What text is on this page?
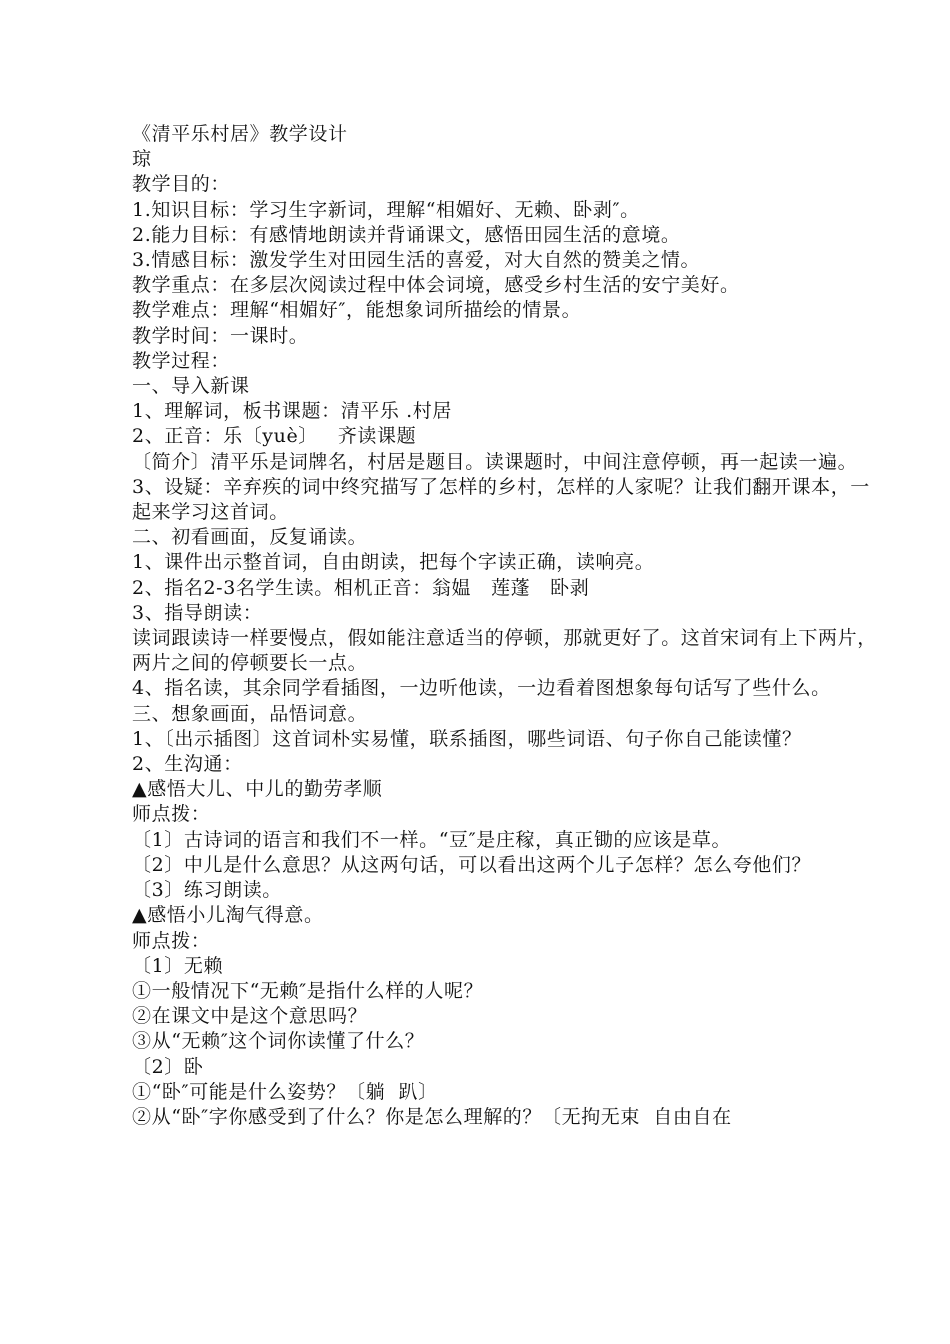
《清平乐村居》教学设计

琼

教学目的：

1.知识目标：学习生字新词，理解“相媚好、无赖、卧剥″。

2.能力目标：有感情地朗读并背诵课文，感悟田园生活的意境。

3.情感目标：激发学生对田园生活的喜爱，对大自然的赞美之情。

教学重点：在多层次阅读过程中体会词境，感受乡村生活的安宁美好。

教学难点：理解“相媚好″，能想象词所描绘的情景。

教学时间：一课时。

教学过程：

一、导入新课

1、理解词，板书课题：清平乐 .村居

2、正音：乐〔yuè〕   齐读课题

〔简介〕清平乐是词牌名，村居是题目。读课题时，中间注意停顿，再一起读一遍。

3、设疑：辛弃疾的词中终究描写了怎样的乡村，怎样的人家呢？让我们翻开课本，一起来学习这首词。

二、初看画面，反复诵读。

1、课件出示整首词，自由朗读，把每个字读正确，读响亮。

2、指名2-3名学生读。相机正音：翁媪   莲蓬   卧剥

3、指导朗读：

读词跟读诗一样要慢点，假如能注意适当的停顿，那就更好了。这首宋词有上下两片，两片之间的停顿要长一点。

4、指名读，其余同学看插图，一边听他读，一边看着图想象每句话写了些什么。

三、想象画面，品悟词意。

1、〔出示插图〕这首词朴实易懂，联系插图，哪些词语、句子你自己能读懂？

2、生沟通：

▲感悟大儿、中儿的勤劳孝顺

师点拨：

〔1〕古诗词的语言和我们不一样。“豆″是庄稼，真正锄的应该是草。

〔2〕中儿是什么意思？从这两句话，可以看出这两个儿子怎样？怎么夸他们？

〔3〕练习朗读。

▲感悟小儿淘气得意。

师点拨：

〔1〕无赖

①一般情况下“无赖″是指什么样的人呢？

②在课文中是这个意思吗？

③从“无赖″这个词你读懂了什么？

〔2〕卧

①“卧″可能是什么姿势？〔躺  趴〕

②从“卧″字你感受到了什么？你是怎么理解的？〔无拘无束  自由自在
